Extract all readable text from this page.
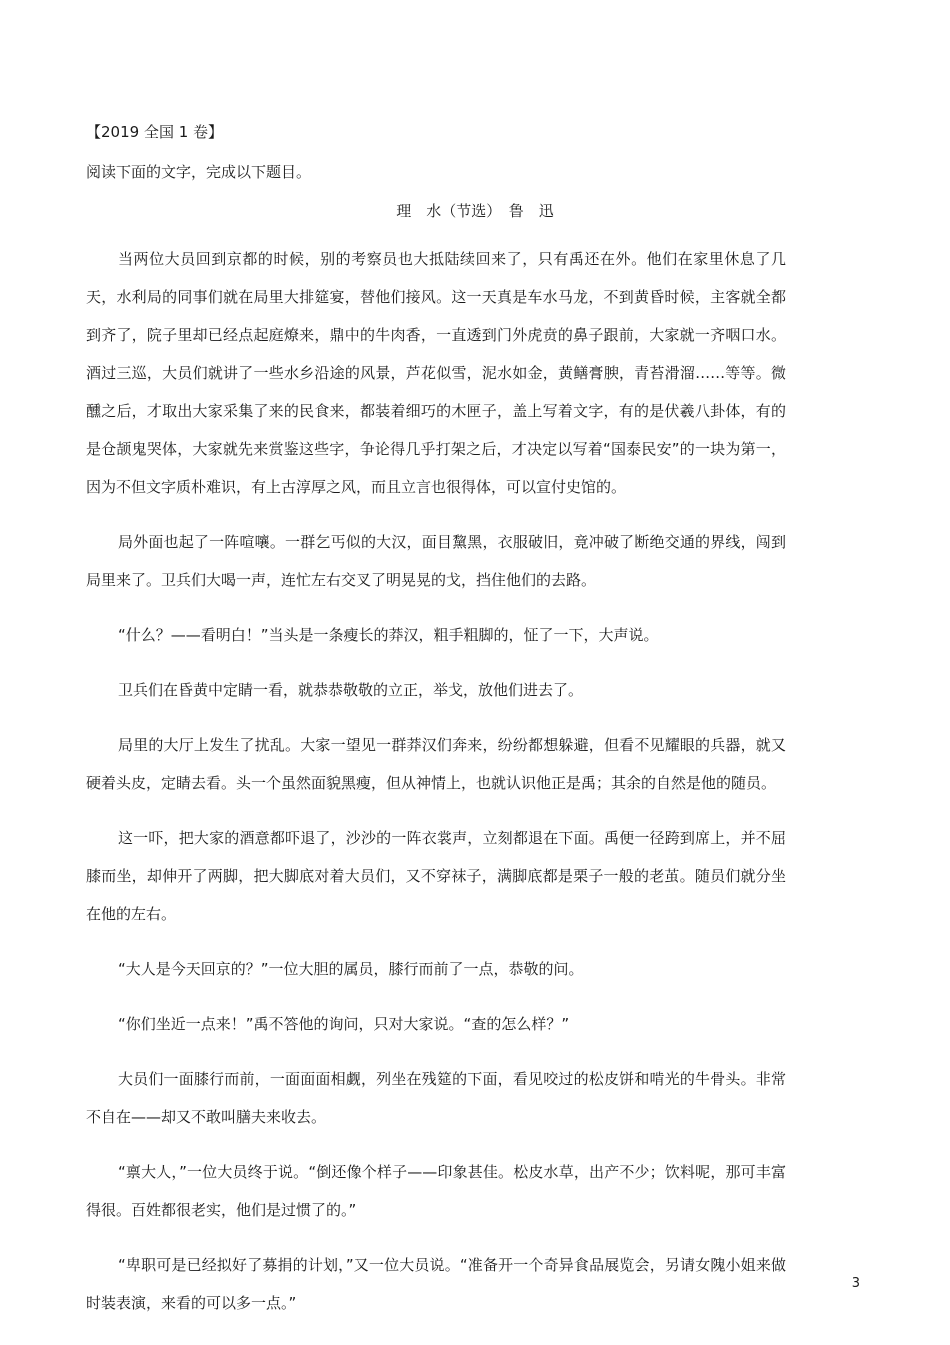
【2019 全国 1 卷】
阅读下面的文字，完成以下题目。
理　水（节选）　鲁　迅

当两位大员回到京都的时候，别的考察员也大抵陆续回来了，只有禹还在外。他们在家里休息了几天，水利局的同事们就在局里大排筵宴，替他们接风。这一天真是车水马龙，不到黄昏时候，主客就全都到齐了，院子里却已经点起庭燎来，鼎中的牛肉香，一直透到门外虎贲的鼻子跟前，大家就一齐咽口水。酒过三巡，大员们就讲了一些水乡沿途的风景，芦花似雪，泥水如金，黄鳝膏腴，青苔滑溜……等等。微醺之后，才取出大家采集了来的民食来，都装着细巧的木匣子，盖上写着文字，有的是伏羲八卦体，有的是仓颉鬼哭体，大家就先来赏鉴这些字，争论得几乎打架之后，才决定以写着“国泰民安”的一块为第一，因为不但文字质朴难识，有上古淳厚之风，而且立言也很得体，可以宣付史馆的。

局外面也起了一阵喧嚷。一群乞丐似的大汉，面目黧黑，衣服破旧，竟冲破了断绝交通的界线，闯到局里来了。卫兵们大喝一声，连忙左右交叉了明晃晃的戈，挡住他们的去路。

“什么？——看明白！”当头是一条瘦长的莽汉，粗手粗脚的，怔了一下，大声说。

卫兵们在昏黄中定睛一看，就恭恭敬敬的立正，举戈，放他们进去了。

局里的大厅上发生了扰乱。大家一望见一群莽汉们奔来，纷纷都想躲避，但看不见耀眼的兵器，就又硬着头皮，定睛去看。头一个虽然面貌黑瘦，但从神情上，也就认识他正是禹；其余的自然是他的随员。

这一吓，把大家的酒意都吓退了，沙沙的一阵衣裳声，立刻都退在下面。禹便一径跨到席上，并不屈膝而坐，却伸开了两脚，把大脚底对着大员们，又不穿袜子，满脚底都是栗子一般的老茧。随员们就分坐在他的左右。

“大人是今天回京的？”一位大胆的属员，膝行而前了一点，恭敬的问。

“你们坐近一点来！”禹不答他的询问，只对大家说。“查的怎么样？”

大员们一面膝行而前，一面面面相觑，列坐在残筵的下面，看见咬过的松皮饼和啃光的牛骨头。非常不自在——却又不敢叫膳夫来收去。

“禀大人，”一位大员终于说。“倒还像个样子——印象甚佳。松皮水草，出产不少；饮料呢，那可丰富得很。百姓都很老实，他们是过惯了的。”

“卑职可是已经拟好了募捐的计划，”又一位大员说。“准备开一个奇异食品展览会，另请女隗小姐来做时装表演，来看的可以多一点。”

3
